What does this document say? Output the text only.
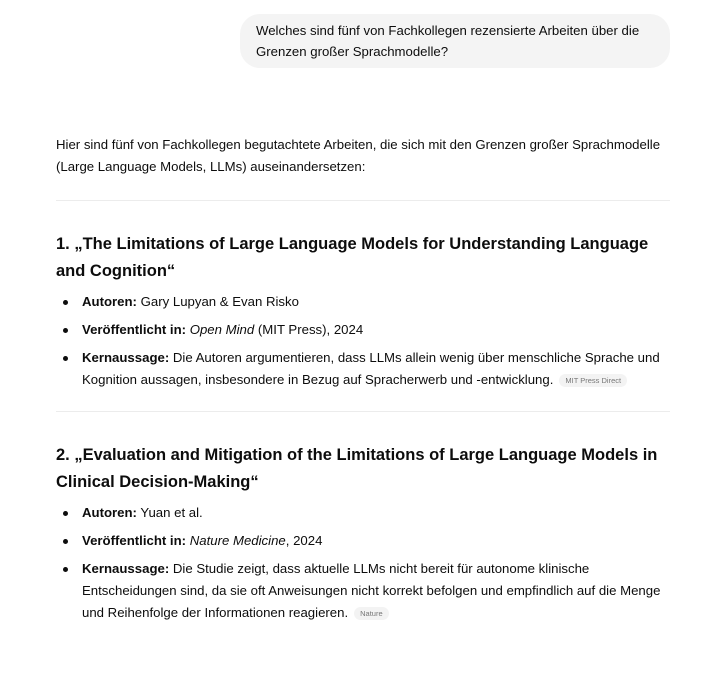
Welches sind fünf von Fachkollegen rezensierte Arbeiten über die Grenzen großer Sprachmodelle?

Hier sind fünf von Fachkollegen begutachtete Arbeiten, die sich mit den Grenzen großer Sprachmodelle (Large Language Models, LLMs) auseinandersetzen:

1. „The Limitations of Large Language Models for Understanding Language and Cognition“
Autoren: Gary Lupyan & Evan Risko
Veröffentlicht in: Open Mind (MIT Press), 2024
Kernaussage: Die Autoren argumentieren, dass LLMs allein wenig über menschliche Sprache und Kognition aussagen, insbesondere in Bezug auf Spracherwerb und -entwicklung. MIT Press Direct
2. „Evaluation and Mitigation of the Limitations of Large Language Models in Clinical Decision-Making“
Autoren: Yuan et al.
Veröffentlicht in: Nature Medicine, 2024
Kernaussage: Die Studie zeigt, dass aktuelle LLMs nicht bereit für autonome klinische Entscheidungen sind, da sie oft Anweisungen nicht korrekt befolgen und empfindlich auf die Menge und Reihenfolge der Informationen reagieren. Nature
